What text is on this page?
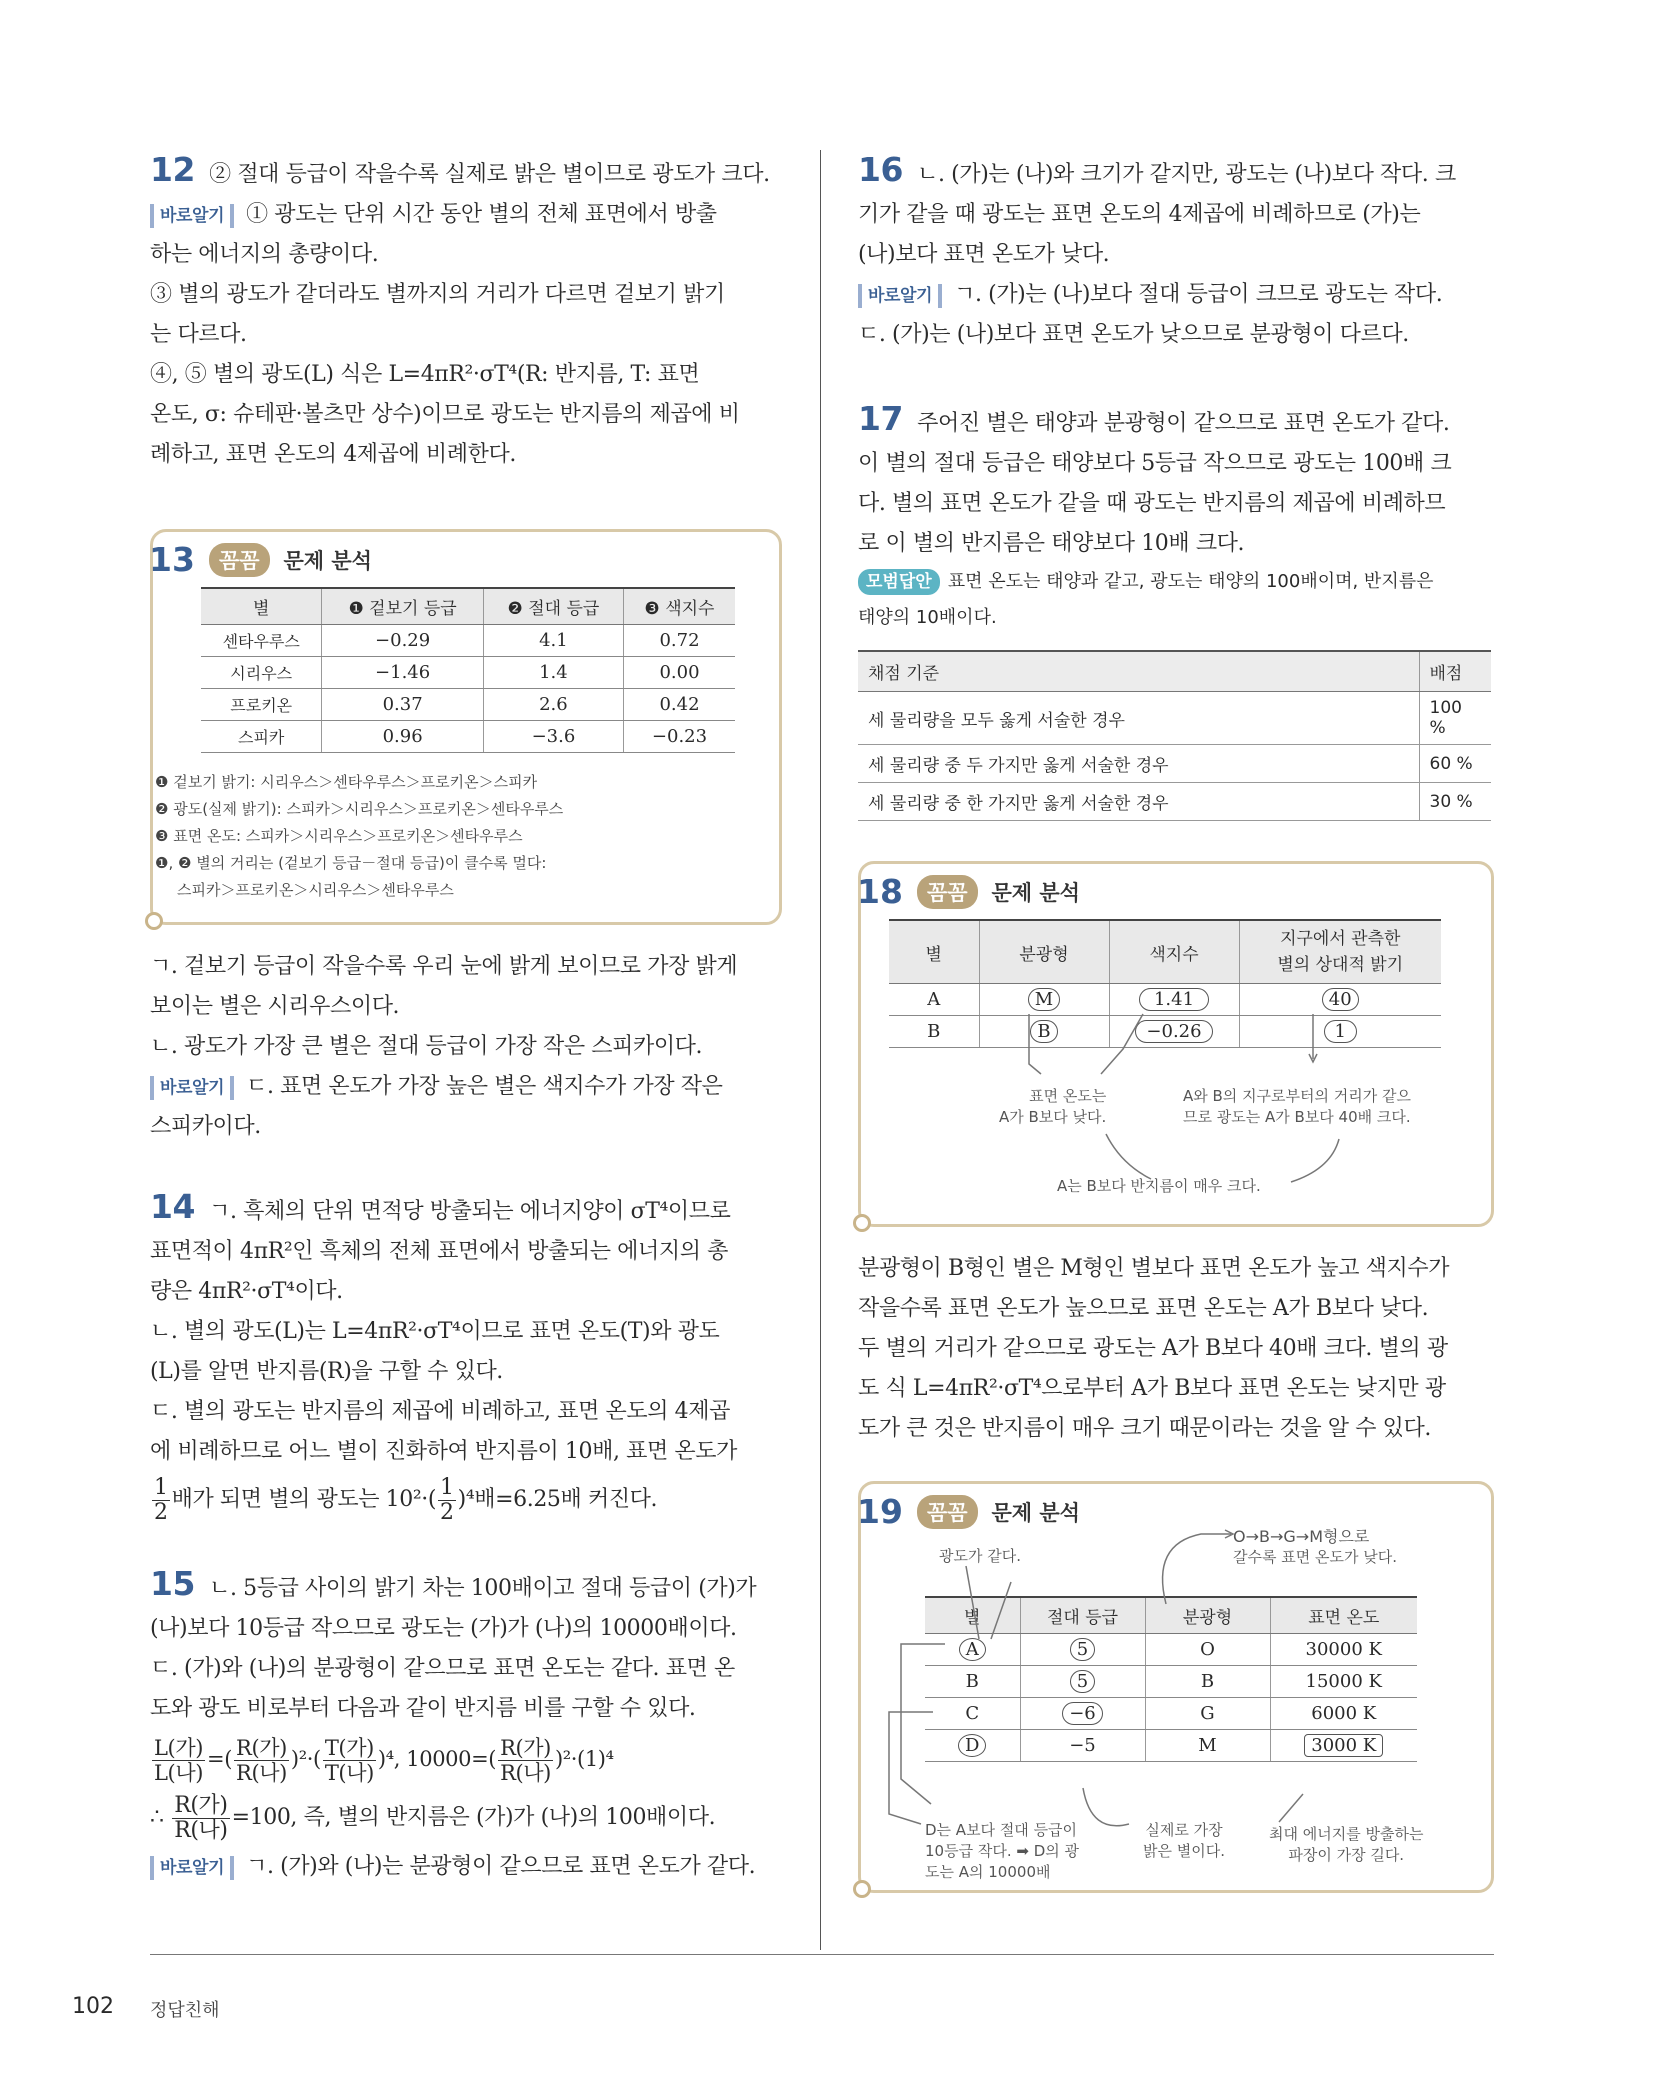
12 ② 절대 등급이 작을수록 실제로 밝은 별이므로 광도가 크다.

바로알기 ① 광도는 단위 시간 동안 별의 전체 표면에서 방출

하는 에너지의 총량이다.

③ 별의 광도가 같더라도 별까지의 거리가 다르면 겉보기 밝기

는 다르다.

④, ⑤ 별의 광도(L) 식은 L=4πR²·σT⁴(R: 반지름, T: 표면

온도, σ: 슈테판·볼츠만 상수)이므로 광도는 반지름의 제곱에 비

례하고, 표면 온도의 4제곱에 비례한다.

13	꼼꼼	문제 분석
별	❶ 겉보기 등급	❷ 절대 등급	❸ 색지수
센타우루스	−0.29	4.1	0.72
시리우스	−1.46	1.4	0.00
프로키온	0.37	2.6	0.42
스피카	0.96	−3.6	−0.23
❶ 겉보기 밝기: 시리우스＞센타우루스＞프로키온＞스피카
❷ 광도(실제 밝기): 스피카＞시리우스＞프로키온＞센타우루스
❸ 표면 온도: 스피카＞시리우스＞프로키온＞센타우루스
❶, ❷ 별의 거리는 (겉보기 등급－절대 등급)이 클수록 멀다:
스피카＞프로키온＞시리우스＞센타우루스

ㄱ. 겉보기 등급이 작을수록 우리 눈에 밝게 보이므로 가장 밝게

보이는 별은 시리우스이다.

ㄴ. 광도가 가장 큰 별은 절대 등급이 가장 작은 스피카이다.

바로알기 ㄷ. 표면 온도가 가장 높은 별은 색지수가 가장 작은

스피카이다.

14 ㄱ. 흑체의 단위 면적당 방출되는 에너지양이 σT⁴이므로

표면적이 4πR²인 흑체의 전체 표면에서 방출되는 에너지의 총

량은 4πR²·σT⁴이다.

ㄴ. 별의 광도(L)는 L=4πR²·σT⁴이므로 표면 온도(T)와 광도

(L)를 알면 반지름(R)을 구할 수 있다.

ㄷ. 별의 광도는 반지름의 제곱에 비례하고, 표면 온도의 4제곱

에 비례하므로 어느 별이 진화하여 반지름이 10배, 표면 온도가

$\frac{1}{2}$ 배가 되면 별의 광도는 $10^2\cdot( \frac{1}{2} )^4$배=6.25배 커진다.

15 ㄴ. 5등급 사이의 밝기 차는 100배이고 절대 등급이 (가)가

(나)보다 10등급 작으므로 광도는 (가)가 (나)의 10000배이다.

ㄷ. (가)와 (나)의 분광형이 같으므로 표면 온도는 같다. 표면 온

도와 광도 비로부터 다음과 같이 반지름 비를 구할 수 있다.

$\frac{\text{L(가)}}{\text{L(나)}}$ =( $\frac{\text{R(가)}}{\text{R(나)}} )^2\cdot( \frac{\text{T(가)}}{\text{T(나)}} )^4$, $10000=( \frac{\text{R(가)}}{\text{R(나)}} )^2\cdot(1)^4$

∴ $\frac{\text{R(가)}}{\text{R(나)}} =100$, 즉, 별의 반지름은 (가)가 (나)의 100배이다.

바로알기 ㄱ. (가)와 (나)는 분광형이 같으므로 표면 온도가 같다.

16 ㄴ. (가)는 (나)와 크기가 같지만, 광도는 (나)보다 작다. 크

기가 같을 때 광도는 표면 온도의 4제곱에 비례하므로 (가)는

(나)보다 표면 온도가 낮다.

바로알기 ㄱ. (가)는 (나)보다 절대 등급이 크므로 광도는 작다.

ㄷ. (가)는 (나)보다 표면 온도가 낮으므로 분광형이 다르다.

17 주어진 별은 태양과 분광형이 같으므로 표면 온도가 같다.

이 별의 절대 등급은 태양보다 5등급 작으므로 광도는 100배 크

다. 별의 표면 온도가 같을 때 광도는 반지름의 제곱에 비례하므

로 이 별의 반지름은 태양보다 10배 크다.

모범답안 표면 온도는 태양과 같고, 광도는 태양의 100배이며, 반지름은

태양의 10배이다.

채점 기준	배점
세 물리량을 모두 옳게 서술한 경우	100 %
세 물리량 중 두 가지만 옳게 서술한 경우	60 %
세 물리량 중 한 가지만 옳게 서술한 경우	30 %
18	꼼꼼	문제 분석
별	분광형	색지수	지구에서 관측한
별의 상대적 밝기
A	M	1.41	40
B	B	−0.26	1
표면 온도는
A가 B보다 낮다.
A와 B의 지구로부터의 거리가 같으
므로 광도는 A가 B보다 40배 크다.
A는 B보다 반지름이 매우 크다.

분광형이 B형인 별은 M형인 별보다 표면 온도가 높고 색지수가

작을수록 표면 온도가 높으므로 표면 온도는 A가 B보다 낮다.

두 별의 거리가 같으므로 광도는 A가 B보다 40배 크다. 별의 광

도 식 L=4πR²·σT⁴으로부터 A가 B보다 표면 온도는 낮지만 광

도가 큰 것은 반지름이 매우 크기 때문이라는 것을 알 수 있다.

19	꼼꼼	문제 분석
광도가 같다.
O→B→G→M형으로
갈수록 표면 온도가 낮다.
별	절대 등급	분광형	표면 온도
A	5	O	30000 K
B	5	B	15000 K
C	−6	G	6000 K
D	−5	M	3000 K
D는 A보다 절대 등급이
10등급 작다. ➡ D의 광
도는 A의 10000배
실제로 가장
밝은 별이다.
최대 에너지를 방출하는
파장이 가장 길다.
102 정답친해
